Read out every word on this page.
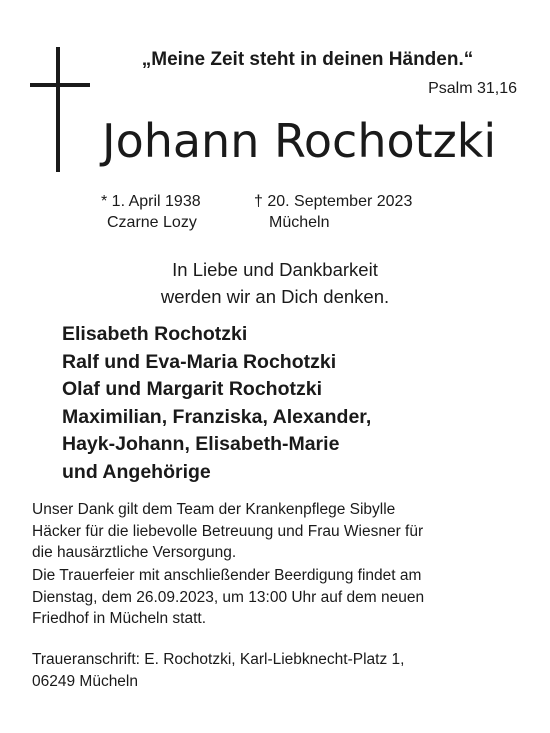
„Meine Zeit steht in deinen Händen.“
Psalm 31,16
Johann Rochotzki
* 1. April 1938
Czarne Lozy
† 20. September 2023
Mücheln
In Liebe und Dankbarkeit
werden wir an Dich denken.
Elisabeth Rochotzki
Ralf und Eva-Maria Rochotzki
Olaf und Margarit Rochotzki
Maximilian, Franziska, Alexander,
Hayk-Johann, Elisabeth-Marie
und Angehörige

Unser Dank gilt dem Team der Krankenpflege Sibylle
Häcker für die liebevolle Betreuung und Frau Wiesner für
die hausärztliche Versorgung.

Die Trauerfeier mit anschließender Beerdigung findet am
Dienstag, dem 26.09.2023, um 13:00 Uhr auf dem neuen
Friedhof in Mücheln statt.

Traueranschrift: E. Rochotzki, Karl-Liebknecht-Platz 1,
06249 Mücheln
